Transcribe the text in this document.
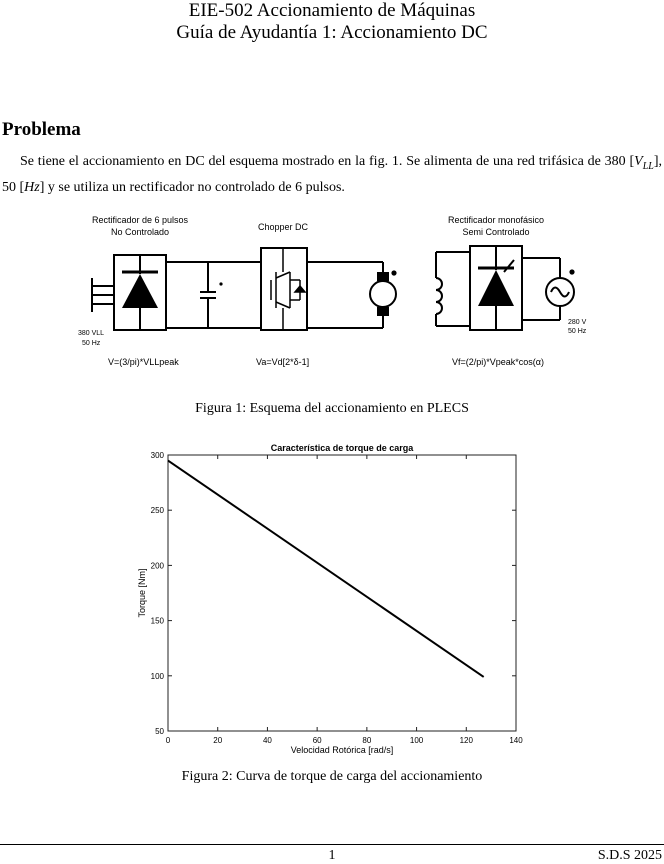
EIE-502 Accionamiento de Máquinas
Guía de Ayudantía 1: Accionamiento DC
Problema
Se tiene el accionamiento en DC del esquema mostrado en la fig. 1. Se alimenta de una red trifásica de 380 $[V_{LL}]$, 50 [Hz] y se utiliza un rectificador no controlado de 6 pulsos.
Rectificador de 6 pulsos
No Controlado	Chopper DC
Rectificador monofásico
Semi Controlado
380 VLL
50 Hz
280 V
50 Hz
V=(3/pi)*VLLpeak	Va=Vd[2*δ-1]	Vf=(2/pi)*Vpeak*cos(α)
Figura 1: Esquema del accionamiento en PLECS
0	20	40	60	80	100	120	140
50
100
150
200
250
300
Característica de torque de carga
Velocidad Rotórica [rad/s]
Torque [Nm]
Figura 2: Curva de torque de carga del accionamiento
1	S.D.S 2025
